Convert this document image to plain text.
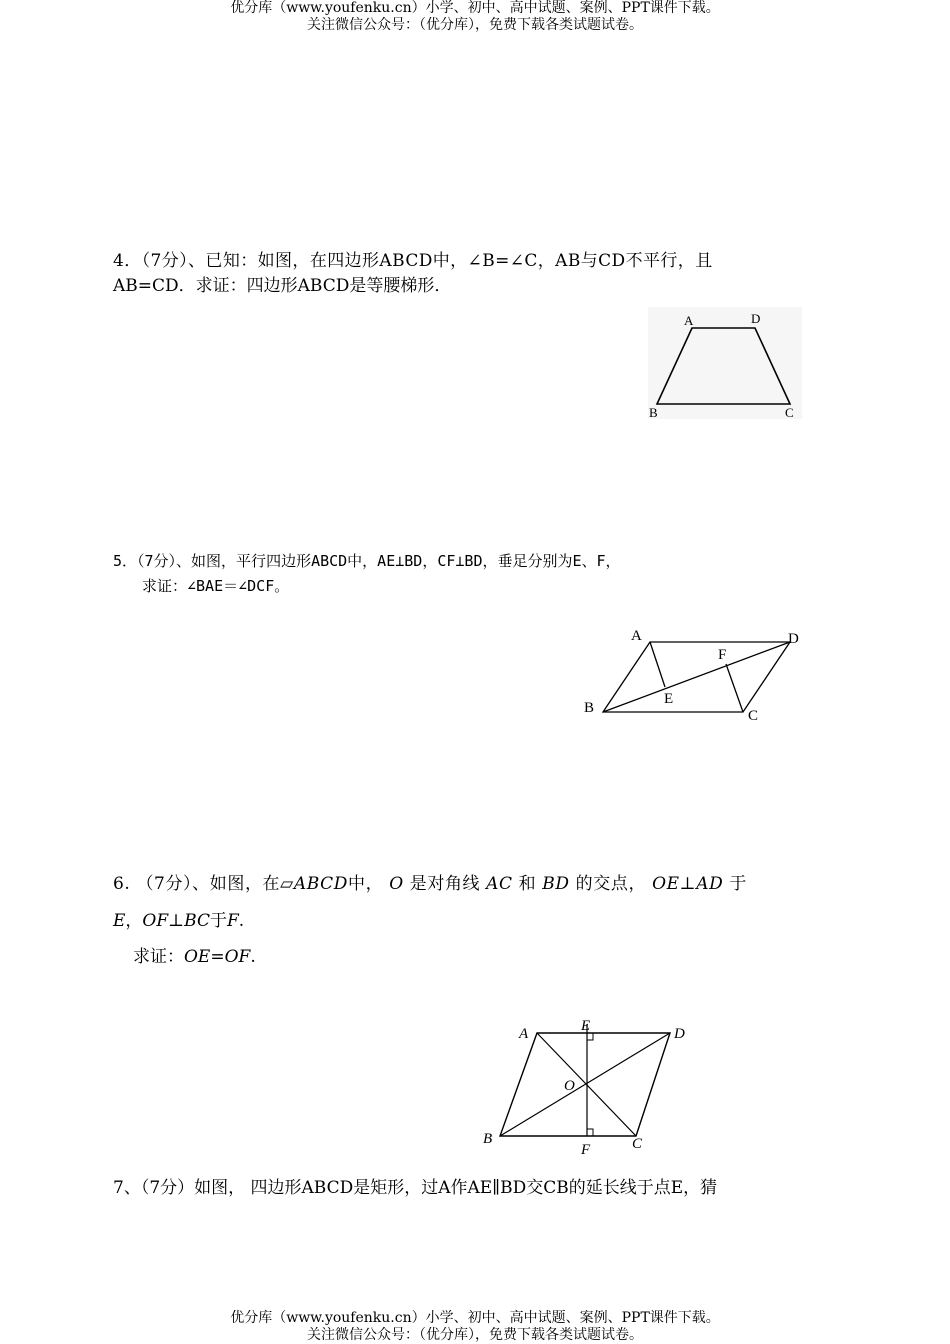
优分库（www.youfenku.cn）小学、初中、高中试题、案例、PPT课件下载。
关注微信公众号：（优分库），免费下载各类试题试卷。
4．（7分）、已知：如图，在四边形ABCD中，∠B=∠C，AB与CD不平行，且
AB=CD．求证：四边形ABCD是等腰梯形．
A	D
B	C
5．（7分）、如图，平行四边形ABCD中，AE⊥BD，CF⊥BD，垂足分别为E、F，
求证：∠BAE＝∠DCF。
A	D
F
E
B	C
6. （7分）、如图，在▱ABCD中， O 是对角线 AC 和 BD 的交点， OE⊥AD 于
E，OF⊥BC于F.
求证：OE=OF.
A	E	D
O
B
F	C
7、（7分）如图， 四边形ABCD是矩形，过A作AE∥BD交CB的延长线于点E，猜
优分库（www.youfenku.cn）小学、初中、高中试题、案例、PPT课件下载。
关注微信公众号：（优分库），免费下载各类试题试卷。
